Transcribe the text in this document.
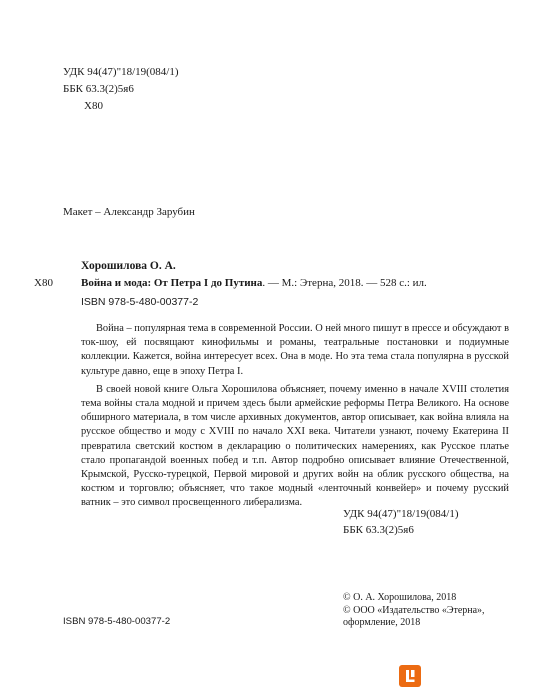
УДК 94(47)"18/19(084/1)
ББК 63.3(2)5я6
Х80
Макет – Александр Зарубин
Хорошилова О. А.
Х80	Война и мода: От Петра I до Путина. — М.: Этерна, 2018. — 528 с.: ил.
ISBN 978-5-480-00377-2

Война – популярная тема в современной России. О ней много пишут в прессе и обсуждают в ток-шоу, ей посвящают кинофильмы и романы, театральные постановки и подиумные коллекции. Кажется, война интересует всех. Она в моде. Но эта тема стала популярна в русской культуре давно, еще в эпоху Петра I.

В своей новой книге Ольга Хорошилова объясняет, почему именно в начале XVIII столетия тема войны стала модной и причем здесь были армейские реформы Петра Великого. На основе обширного материала, в том числе архивных документов, автор описывает, как война влияла на русское общество и моду с XVIII по начало XXI века. Читатели узнают, почему Екатерина II превратила светский костюм в декларацию о политических намерениях, как Русское платье стало пропагандой военных побед и т.п. Автор подробно описывает влияние Отечественной, Крымской, Русско-турецкой, Первой мировой и других войн на облик русского общества, на костюм и торговлю; объясняет, что такое модный «ленточный конвейер» и почему русский ватник – это символ просвещенного либерализма.

УДК 94(47)"18/19(084/1)
ББК 63.3(2)5я6
ISBN 978-5-480-00377-2
© О. А. Хорошилова, 2018
© ООО «Издательство «Этерна»,
оформление, 2018
